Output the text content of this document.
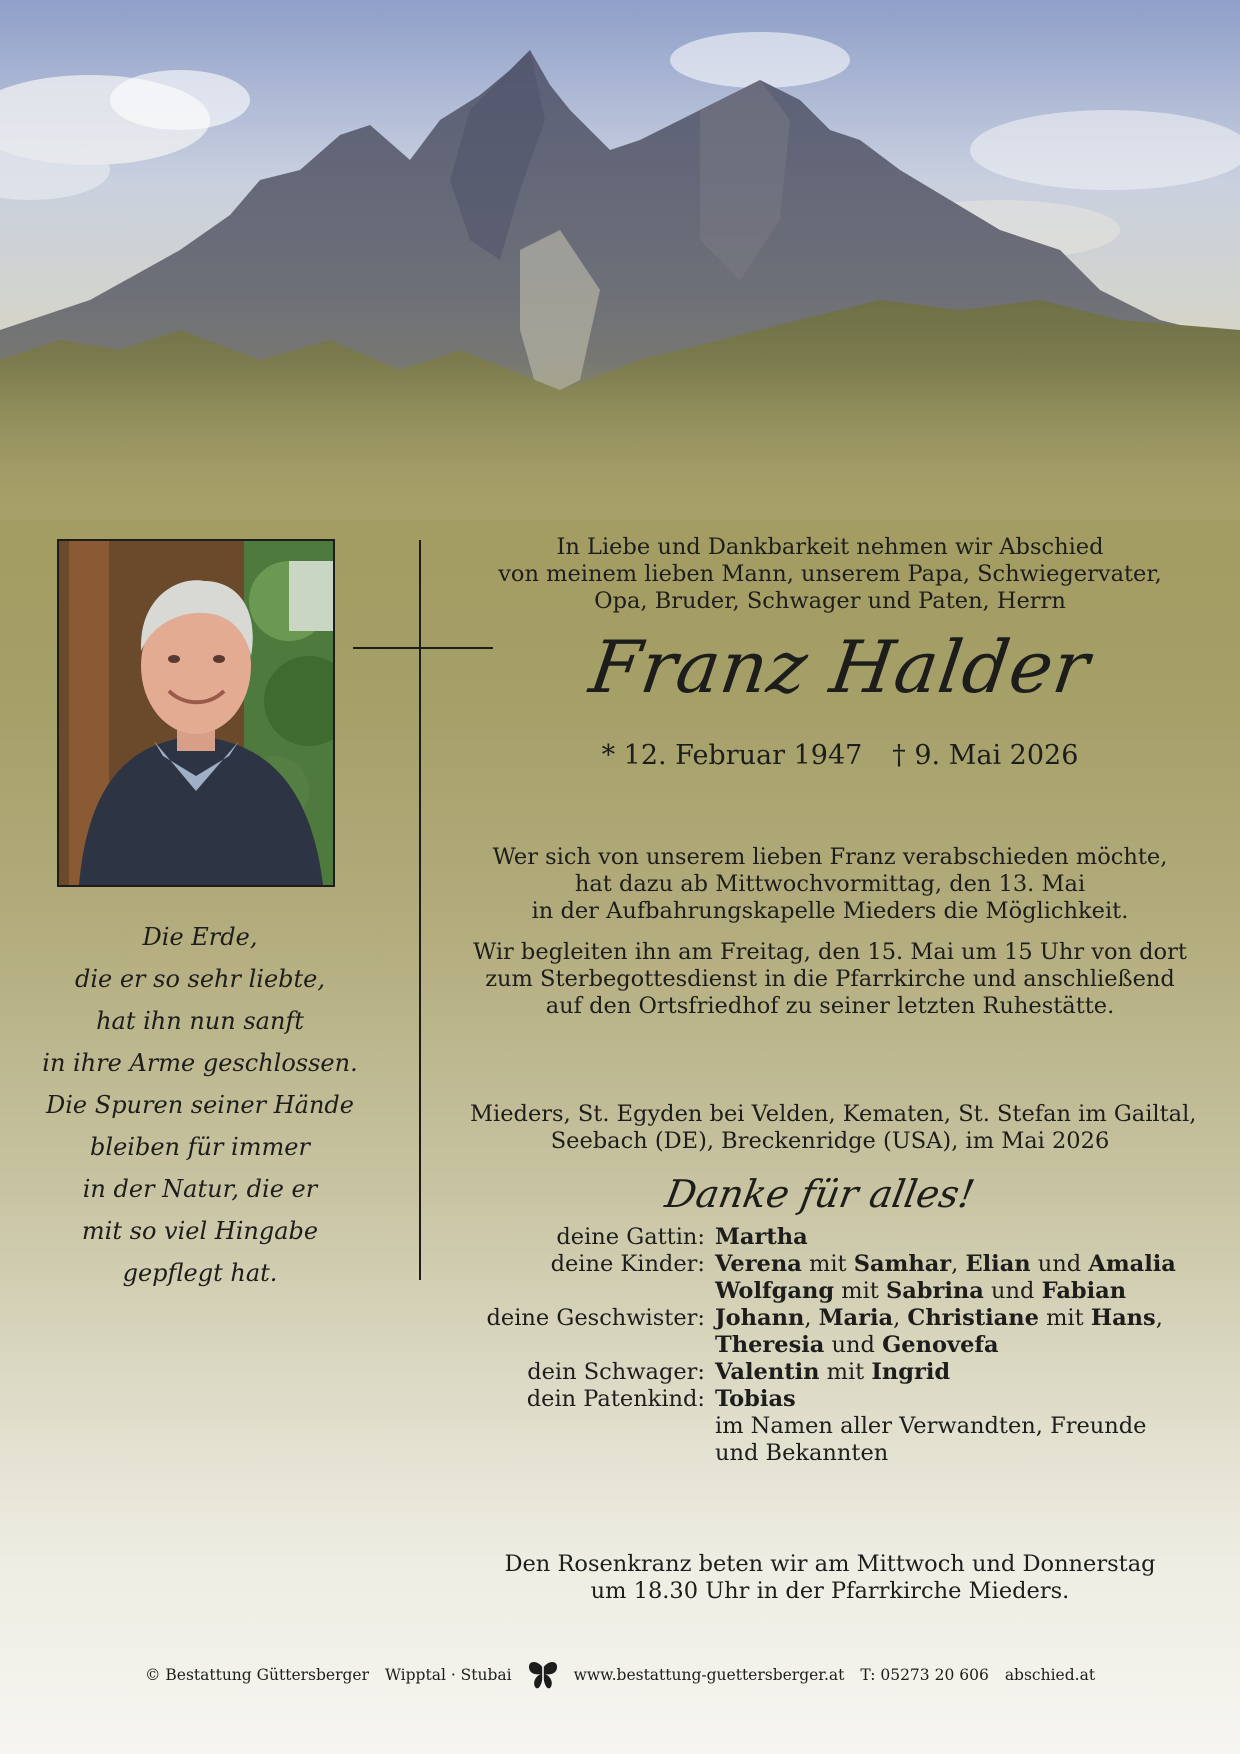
Die Erde,
die er so sehr liebte,
hat ihn nun sanft
in ihre Arme geschlossen.
Die Spuren seiner Hände
bleiben für immer
in der Natur, die er
mit so viel Hingabe
gepflegt hat.
In Liebe und Dankbarkeit nehmen wir Abschied
von meinem lieben Mann, unserem Papa, Schwiegervater,
Opa, Bruder, Schwager und Paten, Herrn
Franz Halder
* 12. Februar 1947 † 9. Mai 2026
Wer sich von unserem lieben Franz verabschieden möchte,
hat dazu ab Mittwochvormittag, den 13. Mai
in der Aufbahrungskapelle Mieders die Möglichkeit.
Wir begleiten ihn am Freitag, den 15. Mai um 15 Uhr von dort
zum Sterbegottesdienst in die Pfarrkirche und anschließend
auf den Ortsfriedhof zu seiner letzten Ruhestätte.
Mieders, St. Egyden bei Velden, Kematen, St. Stefan im Gailtal,
Seebach (DE), Breckenridge (USA), im Mai 2026
Danke für alles!
deine Gattin: Martha
deine Kinder: Verena mit Samhar, Elian und Amalia
Wolfgang mit Sabrina und Fabian
deine Geschwister: Johann, Maria, Christiane mit Hans,
Theresia und Genovefa
dein Schwager: Valentin mit Ingrid
dein Patenkind: Tobias
im Namen aller Verwandten, Freunde
und Bekannten
Den Rosenkranz beten wir am Mittwoch und Donnerstag
um 18.30 Uhr in der Pfarrkirche Mieders.
© Bestattung Güttersberger Wipptal · Stubai	www.bestattung-guettersberger.at T: 05273 20 606 abschied.at
